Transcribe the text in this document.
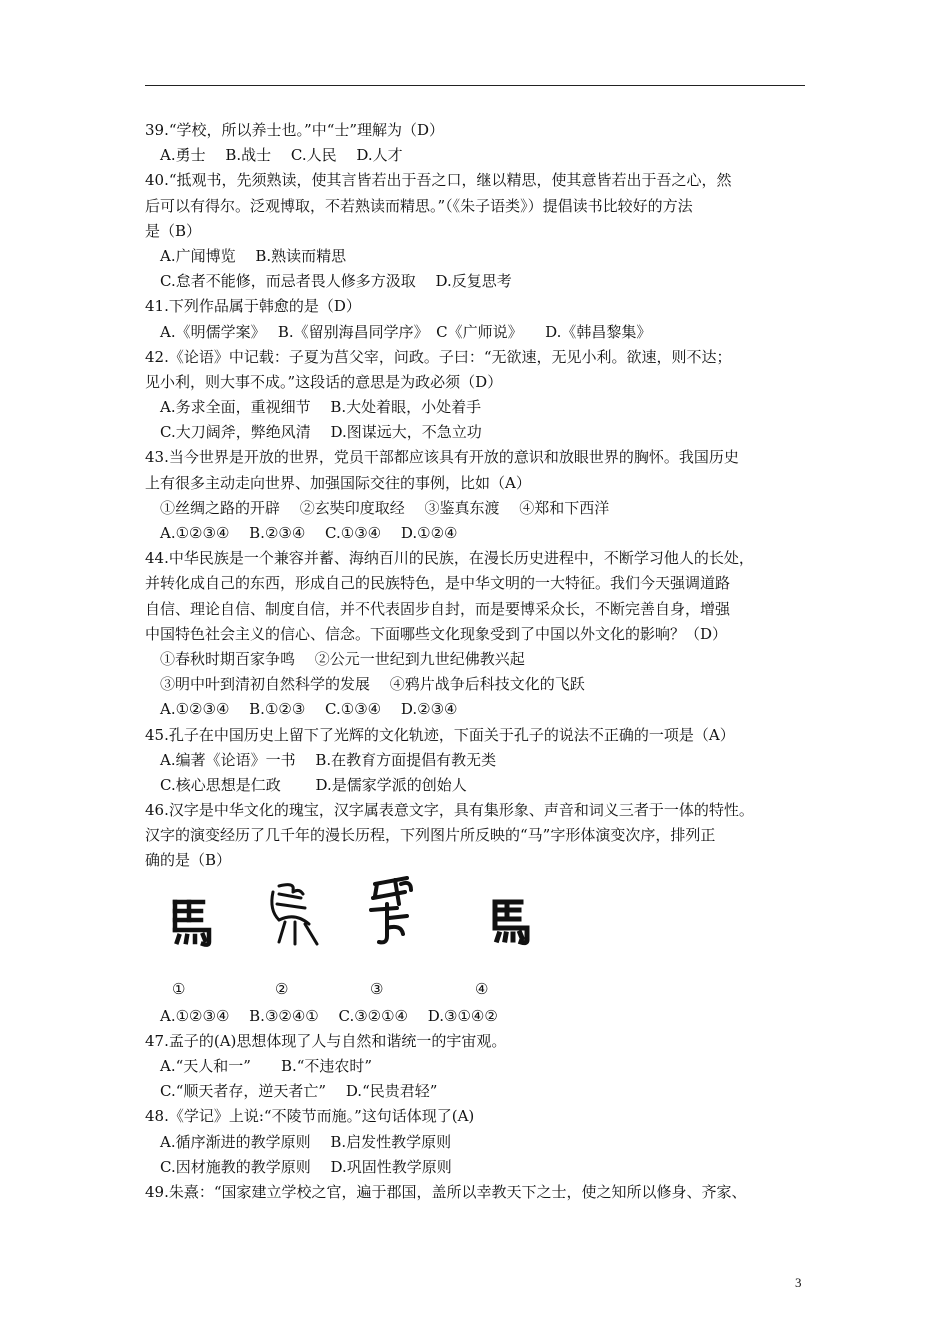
39.“学校，所以养士也。”中“士”理解为（D）
A.勇士　 B.战士　 C.人民　 D.人才
40.“抵观书，先须熟读，使其言皆若出于吾之口，继以精思，使其意皆若出于吾之心，然
后可以有得尔。泛观博取，不若熟读而精思。”（《朱子语类》）提倡读书比较好的方法
是（B）
A.广闻博览　 B.熟读而精思
C.怠者不能修，而忌者畏人修多方汲取　 D.反复思考
41.下列作品属于韩愈的是（D）
A.《明儒学案》　 B.《留别海昌同学序》　C《广师说》　　D.《韩昌黎集》
42.《论语》中记载：子夏为莒父宰，问政。子曰：“无欲速，无见小利。欲速，则不达；
见小利，则大事不成。”这段话的意思是为政必须（D）
A.务求全面，重视细节　 B.大处着眼，小处着手
C.大刀阔斧，弊绝风清　 D.图谋远大，不急立功
43.当今世界是开放的世界，党员干部都应该具有开放的意识和放眼世界的胸怀。我国历史
上有很多主动走向世界、加强国际交往的事例，比如（A）
①丝绸之路的开辟　 ②玄奘印度取经　 ③鉴真东渡　 ④郑和下西洋
A.①②③④　 B.②③④　 C.①③④　 D.①②④
44.中华民族是一个兼容并蓄、海纳百川的民族，在漫长历史进程中，不断学习他人的长处，
并转化成自己的东西，形成自己的民族特色，是中华文明的一大特征。我们今天强调道路
自信、理论自信、制度自信，并不代表固步自封，而是要博采众长，不断完善自身，增强
中国特色社会主义的信心、信念。下面哪些文化现象受到了中国以外文化的影响？（D）
①春秋时期百家争鸣　 ②公元一世纪到九世纪佛教兴起
③明中叶到清初自然科学的发展　 ④鸦片战争后科技文化的飞跃
A.①②③④　 B.①②③　 C.①③④　 D.②③④
45.孔子在中国历史上留下了光辉的文化轨迹，下面关于孔子的说法不正确的一项是（A）
A.编著《论语》一书　 B.在教育方面提倡有教无类
C.核心思想是仁政　　 D.是儒家学派的创始人
46.汉字是中华文化的瑰宝，汉字属表意文字，具有集形象、声音和词义三者于一体的特性。
汉字的演变经历了几千年的漫长历程，下列图片所反映的“马”字形体演变次序，排列正
确的是（B）
①	②	③	④
A.①②③④　 B.③②④①　 C.③②①④　 D.③①④②
47.孟子的(A)思想体现了人与自然和谐统一的宇宙观。
A.“天人和一”　　B.“不违农时”
C.“顺天者存，逆天者亡”　 D.“民贵君轻”
48.《学记》上说:“不陵节而施。”这句话体现了(A)
A.循序渐进的教学原则　 B.启发性教学原则
C.因材施教的教学原则　 D.巩固性教学原则
49.朱熹：“国家建立学校之官，遍于郡国，盖所以幸教天下之士，使之知所以修身、齐家、
3
